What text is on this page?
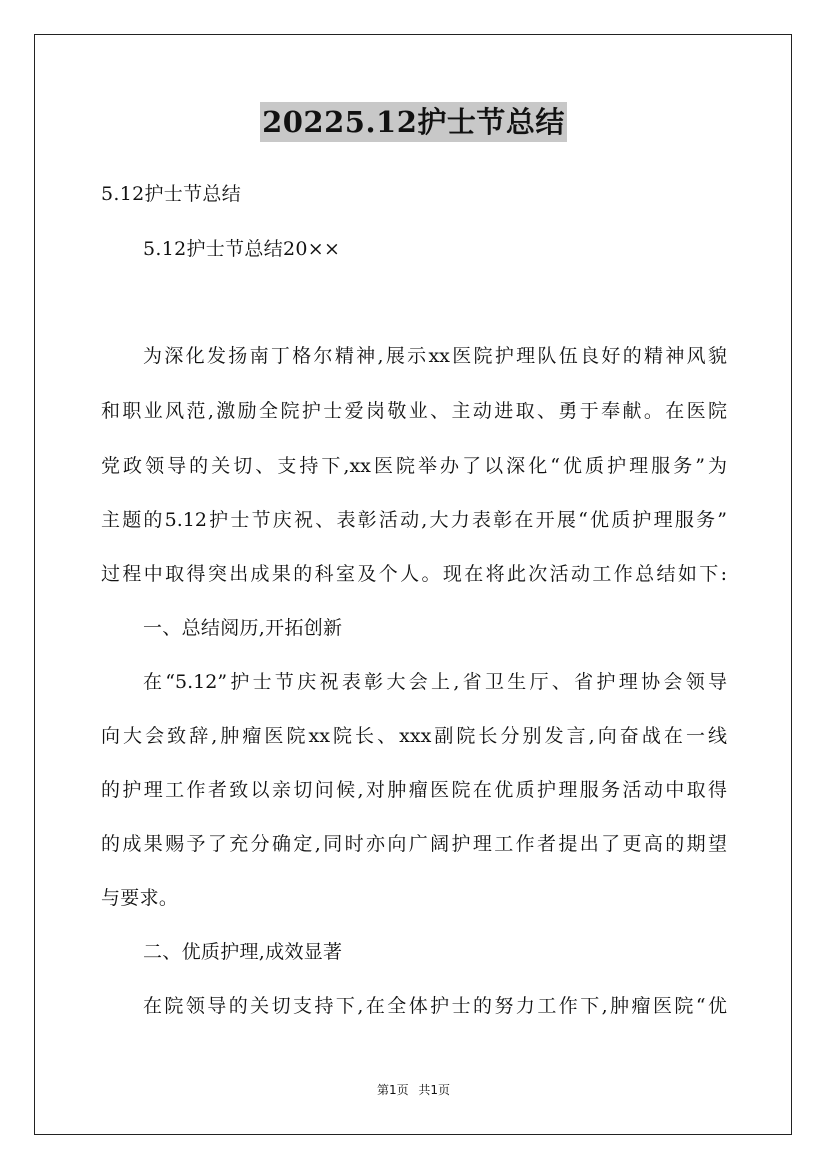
20225.12护士节总结
5.12护士节总结
5.12护士节总结20××
为深化发扬南丁格尔精神,展示xx医院护理队伍良好的精神风貌
和职业风范,激励全院护士爱岗敬业、主动进取、勇于奉献。在医院
党政领导的关切、支持下,xx医院举办了以深化“优质护理服务”为
主题的5.12护士节庆祝、表彰活动,大力表彰在开展“优质护理服务”
过程中取得突出成果的科室及个人。现在将此次活动工作总结如下:
一、总结阅历,开拓创新
在“5.12”护士节庆祝表彰大会上,省卫生厅、省护理协会领导
向大会致辞,肿瘤医院xx院长、xxx副院长分别发言,向奋战在一线
的护理工作者致以亲切问候,对肿瘤医院在优质护理服务活动中取得
的成果赐予了充分确定,同时亦向广阔护理工作者提出了更高的期望
与要求。
二、优质护理,成效显著
在院领导的关切支持下,在全体护士的努力工作下,肿瘤医院“优
第1页 共1页
